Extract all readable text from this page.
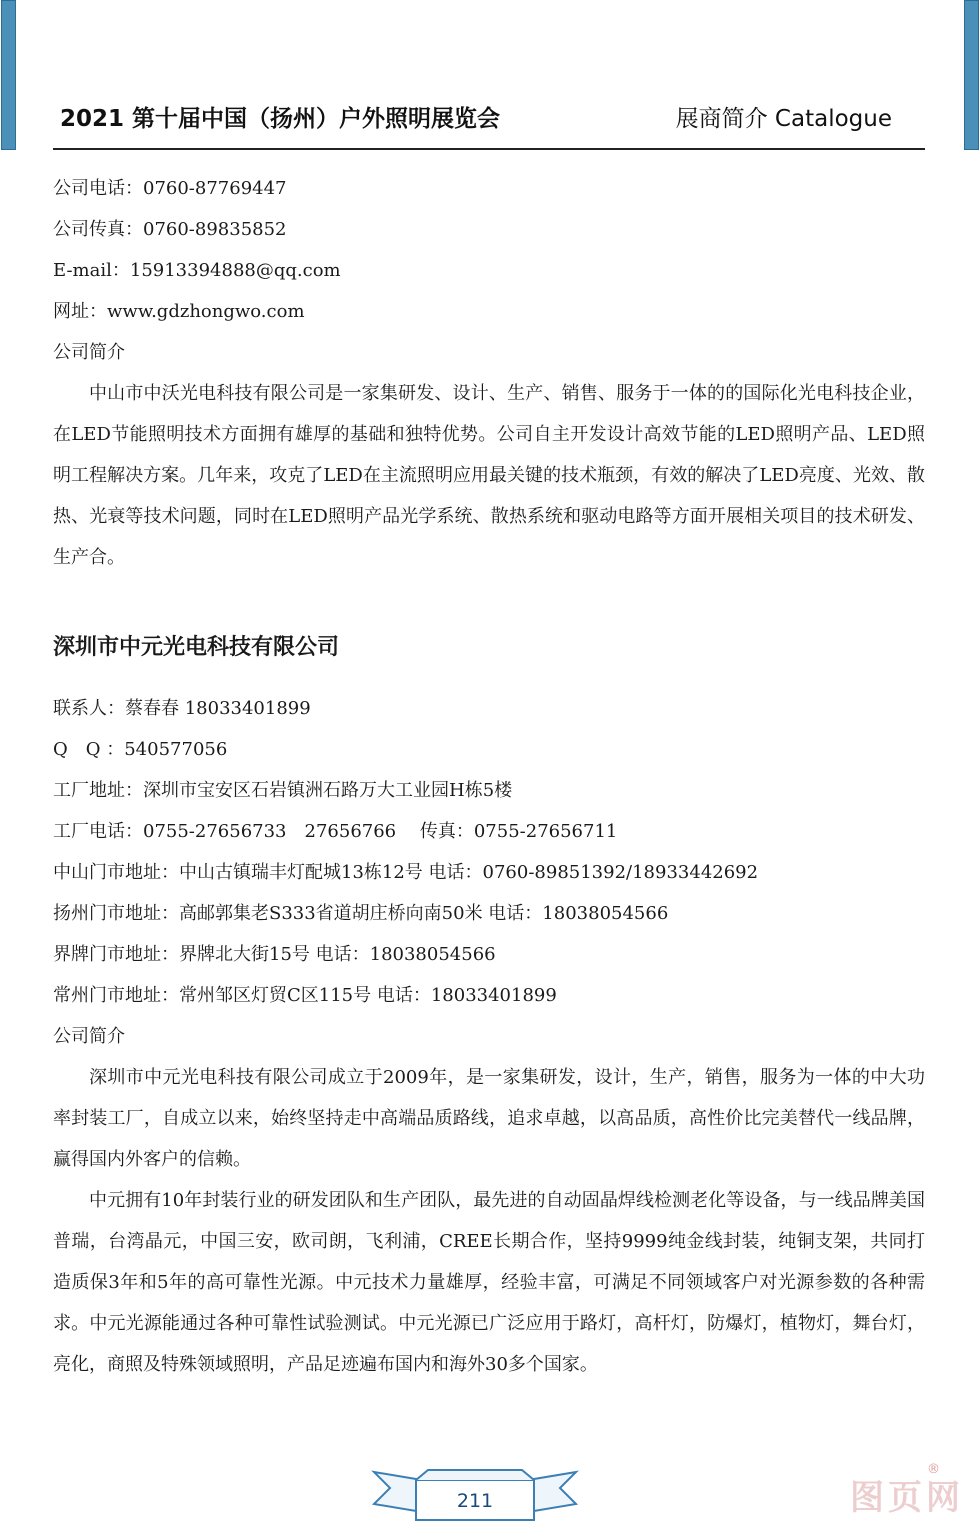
2021 第十届中国（扬州）户外照明展览会	展商简介 Catalogue
公司电话：0760-87769447
公司传真：0760-89835852
E-mail：15913394888@qq.com
网址：www.gdzhongwo.com
公司简介

中山市中沃光电科技有限公司是一家集研发、设计、生产、销售、服务于一体的的国际化光电科技企业，在LED节能照明技术方面拥有雄厚的基础和独特优势。公司自主开发设计高效节能的LED照明产品、LED照明工程解决方案。几年来，攻克了LED在主流照明应用最关键的技术瓶颈，有效的解决了LED亮度、光效、散热、光衰等技术问题，同时在LED照明产品光学系统、散热系统和驱动电路等方面开展相关项目的技术研发、生产合。

深圳市中元光电科技有限公司
联系人：蔡春春 18033401899
Q　Q ：540577056
工厂地址：深圳市宝安区石岩镇洲石路万大工业园H栋5楼
工厂电话：0755-27656733　27656766　 传真：0755-27656711
中山门市地址：中山古镇瑞丰灯配城13栋12号 电话：0760-89851392/18933442692
扬州门市地址：高邮郭集老S333省道胡庄桥向南50米 电话：18038054566
界牌门市地址：界牌北大街15号 电话：18038054566
常州门市地址：常州邹区灯贸C区115号 电话：18033401899
公司简介

深圳市中元光电科技有限公司成立于2009年，是一家集研发，设计，生产，销售，服务为一体的中大功率封装工厂，自成立以来，始终坚持走中高端品质路线，追求卓越，以高品质，高性价比完美替代一线品牌，赢得国内外客户的信赖。

中元拥有10年封装行业的研发团队和生产团队，最先进的自动固晶焊线检测老化等设备，与一线品牌美国普瑞，台湾晶元，中国三安，欧司朗，飞利浦，CREE长期合作，坚持9999纯金线封装，纯铜支架，共同打造质保3年和5年的高可靠性光源。中元技术力量雄厚，经验丰富，可满足不同领域客户对光源参数的各种需求。中元光源能通过各种可靠性试验测试。中元光源已广泛应用于路灯，高杆灯，防爆灯，植物灯，舞台灯，亮化，商照及特殊领域照明，产品足迹遍布国内和海外30多个国家。

211	图页网
®
